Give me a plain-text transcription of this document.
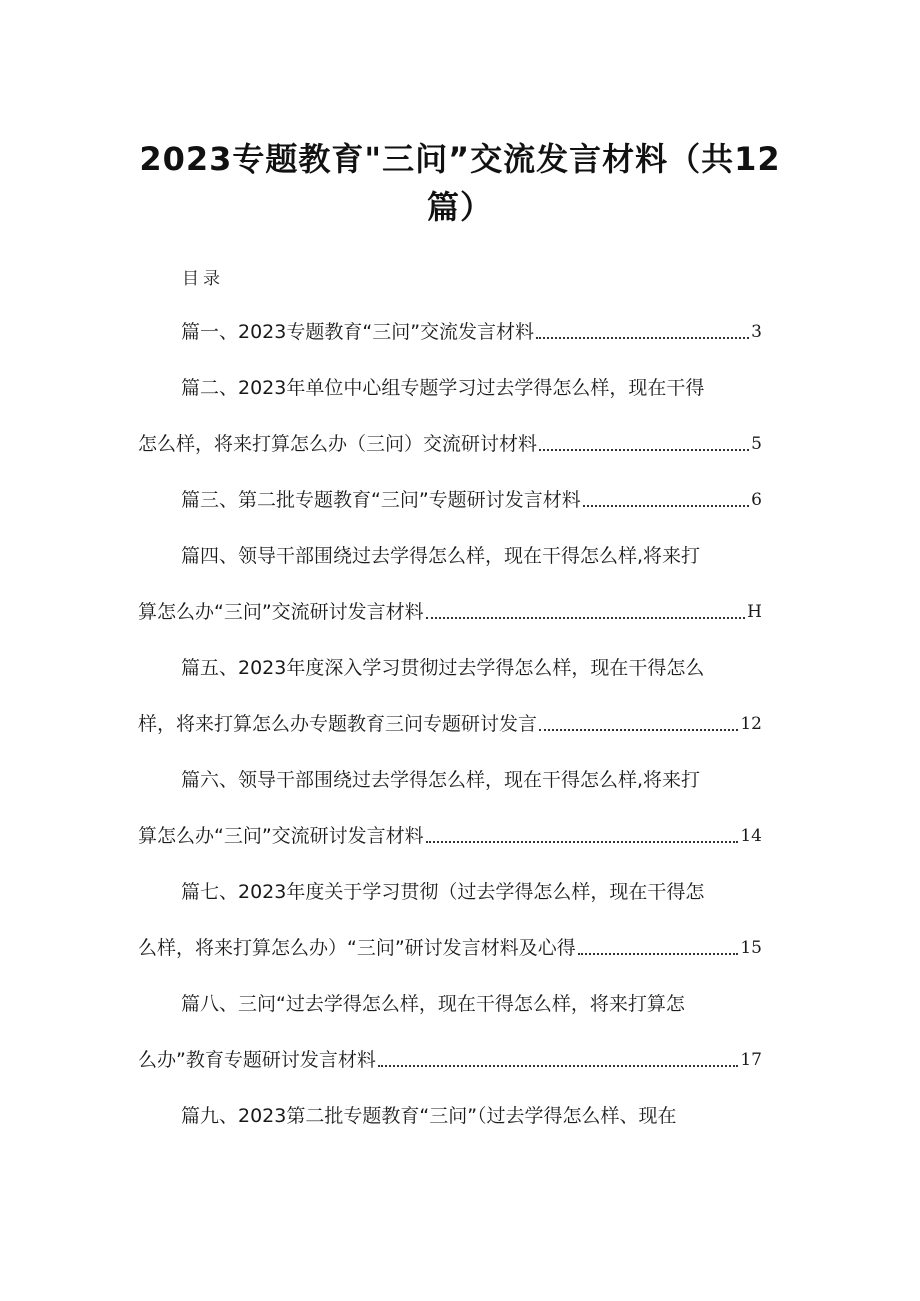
2023专题教育"三问”交流发言材料（共12
篇）
目录
篇一、2023专题教育“三问”交流发言材料	3
篇二、2023年单位中心组专题学习过去学得怎么样，现在干得
怎么样，将来打算怎么办（三问）交流研讨材料	5
篇三、第二批专题教育“三问”专题研讨发言材料	6
篇四、领导干部围绕过去学得怎么样，现在干得怎么样,将来打
算怎么办“三问”交流研讨发言材料	H
篇五、2023年度深入学习贯彻过去学得怎么样，现在干得怎么
样，将来打算怎么办专题教育三问专题研讨发言	12
篇六、领导干部围绕过去学得怎么样，现在干得怎么样,将来打
算怎么办“三问”交流研讨发言材料	14
篇七、2023年度关于学习贯彻（过去学得怎么样，现在干得怎
么样，将来打算怎么办）“三问”研讨发言材料及心得	15
篇八、三问“过去学得怎么样，现在干得怎么样，将来打算怎
么办”教育专题研讨发言材料	17
篇九、2023第二批专题教育“三问”（过去学得怎么样、现在
